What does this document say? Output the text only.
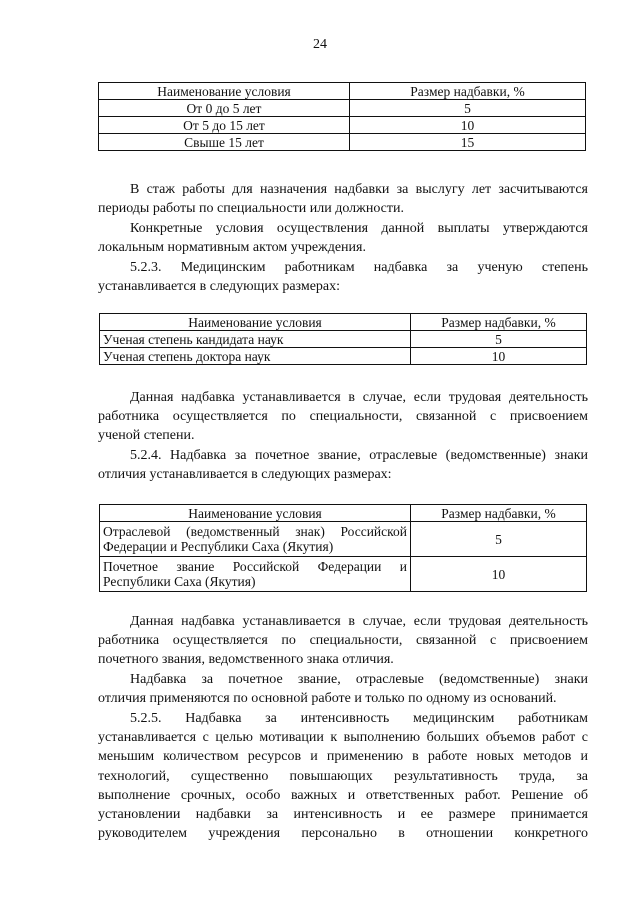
24
Наименование условия	Размер надбавки, %
От 0 до 5 лет	5
От 5 до 15 лет	10
Свыше 15 лет	15
В стаж работы для назначения надбавки за выслугу лет засчитываются
периоды работы по специальности или должности.
Конкретные условия осуществления данной выплаты утверждаются
локальным нормативным актом учреждения.
5.2.3. Медицинским работникам надбавка за ученую степень
устанавливается в следующих размерах:
Наименование условия	Размер надбавки, %
Ученая степень кандидата наук	5
Ученая степень доктора наук	10
Данная надбавка устанавливается в случае, если трудовая деятельность
работника осуществляется по специальности, связанной с присвоением
ученой степени.
5.2.4. Надбавка за почетное звание, отраслевые (ведомственные) знаки
отличия устанавливается в следующих размерах:
Наименование условия	Размер надбавки, %
Отраслевой (ведомственный знак) Российской Федерации и Республики Саха (Якутия)	5
Почетное звание Российской Федерации и Республики Саха (Якутия)	10
Данная надбавка устанавливается в случае, если трудовая деятельность
работника осуществляется по специальности, связанной с присвоением
почетного звания, ведомственного знака отличия.
Надбавка за почетное звание, отраслевые (ведомственные) знаки
отличия применяются по основной работе и только по одному из оснований.
5.2.5. Надбавка за интенсивность медицинским работникам
устанавливается с целью мотивации к выполнению больших объемов работ с
меньшим количеством ресурсов и применению в работе новых методов и
технологий, существенно повышающих результативность труда, за
выполнение срочных, особо важных и ответственных работ. Решение об
установлении надбавки за интенсивность и ее размере принимается
руководителем учреждения персонально в отношении конкретного
